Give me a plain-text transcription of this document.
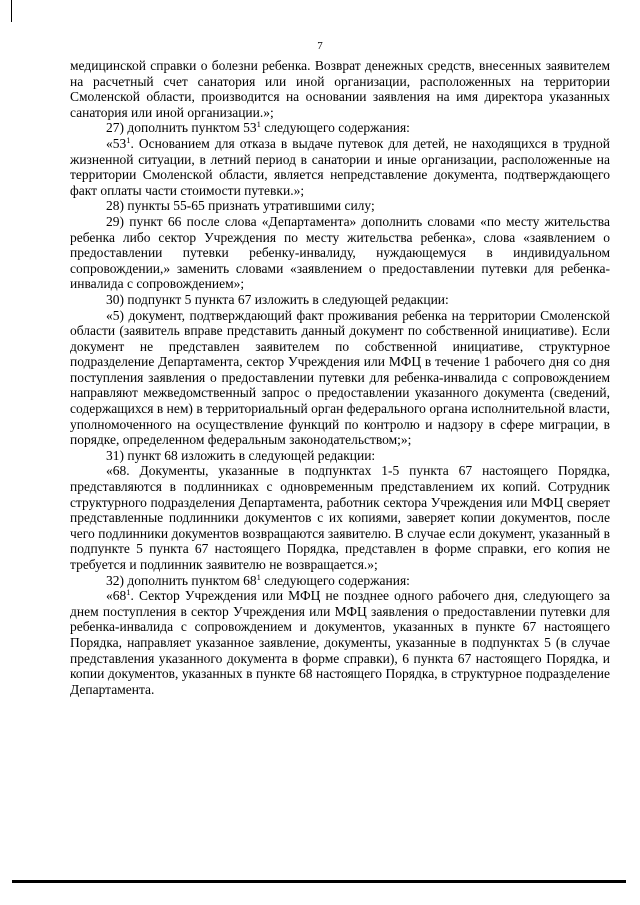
7

медицинской справки о болезни ребенка. Возврат денежных средств, внесенных заявителем на расчетный счет санатория или иной организации, расположенных на территории Смоленской области, производится на основании заявления на имя директора указанных санатория или иной организации.»;

27) дополнить пунктом $53^1$ следующего содержания:

«$53^1$. Основанием для отказа в выдаче путевок для детей, не находящихся в трудной жизненной ситуации, в летний период в санатории и иные организации, расположенные на территории Смоленской области, является непредставление документа, подтверждающего факт оплаты части стоимости путевки.»;

28) пункты 55-65 признать утратившими силу;

29) пункт 66 после слова «Департамента» дополнить словами «по месту жительства ребенка либо сектор Учреждения по месту жительства ребенка», слова «заявлением о предоставлении путевки ребенку-инвалиду, нуждающемуся в индивидуальном сопровождении,» заменить словами «заявлением о предоставлении путевки для ребенка-инвалида с сопровождением»;

30) подпункт 5 пункта 67 изложить в следующей редакции:

«5) документ, подтверждающий факт проживания ребенка на территории Смоленской области (заявитель вправе представить данный документ по собственной инициативе). Если документ не представлен заявителем по собственной инициативе, структурное подразделение Департамента, сектор Учреждения или МФЦ в течение 1 рабочего дня со дня поступления заявления о предоставлении путевки для ребенка-инвалида с сопровождением направляют межведомственный запрос о предоставлении указанного документа (сведений, содержащихся в нем) в территориальный орган федерального органа исполнительной власти, уполномоченного на осуществление функций по контролю и надзору в сфере миграции, в порядке, определенном федеральным законодательством;»;

31) пункт 68 изложить в следующей редакции:

«68. Документы, указанные в подпунктах 1-5 пункта 67 настоящего Порядка, представляются в подлинниках с одновременным представлением их копий. Сотрудник структурного подразделения Департамента, работник сектора Учреждения или МФЦ сверяет представленные подлинники документов с их копиями, заверяет копии документов, после чего подлинники документов возвращаются заявителю. В случае если документ, указанный в подпункте 5 пункта 67 настоящего Порядка, представлен в форме справки, его копия не требуется и подлинник заявителю не возвращается.»;

32) дополнить пунктом $68^1$ следующего содержания:

«$68^1$. Сектор Учреждения или МФЦ не позднее одного рабочего дня, следующего за днем поступления в сектор Учреждения или МФЦ заявления о предоставлении путевки для ребенка-инвалида с сопровождением и документов, указанных в пункте 67 настоящего Порядка, направляет указанное заявление, документы, указанные в подпунктах 5 (в случае представления указанного документа в форме справки), 6 пункта 67 настоящего Порядка, и копии документов, указанных в пункте 68 настоящего Порядка, в структурное подразделение Департамента.
